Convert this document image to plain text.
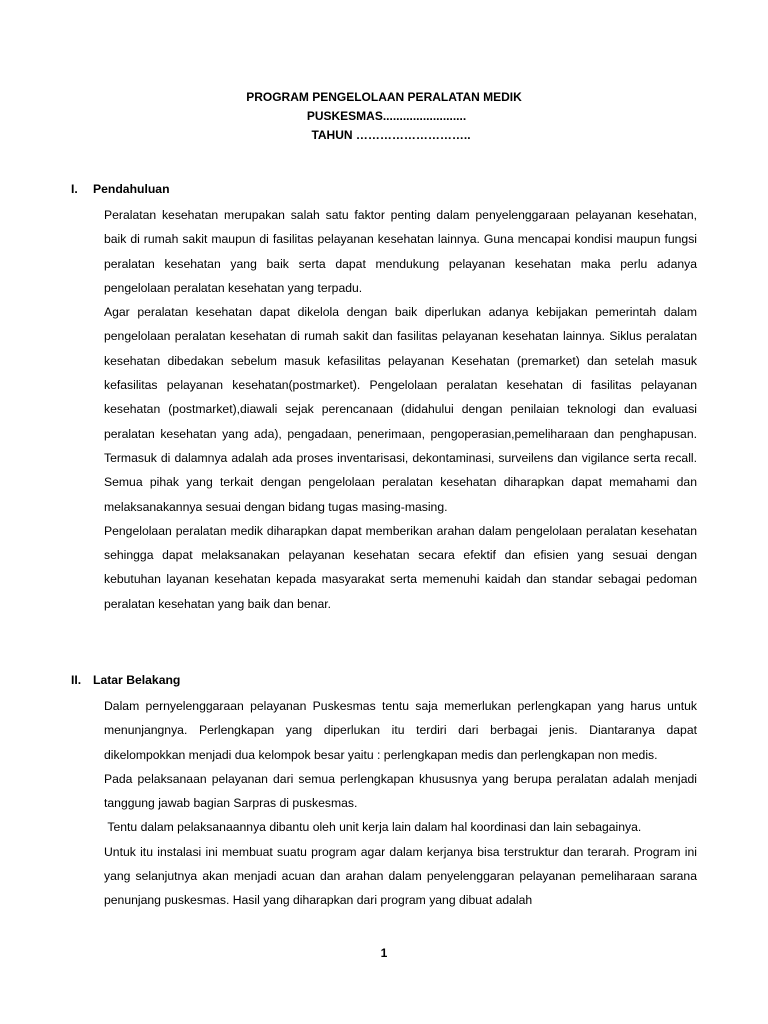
PROGRAM PENGELOLAAN PERALATAN MEDIK
PUSKESMAS.........................
TAHUN ………………………..
I. Pendahuluan

Peralatan kesehatan merupakan salah satu faktor penting dalam penyelenggaraan pelayanan kesehatan, baik di rumah sakit maupun di fasilitas pelayanan kesehatan lainnya. Guna mencapai kondisi maupun fungsi peralatan kesehatan yang baik serta dapat mendukung pelayanan kesehatan maka perlu adanya pengelolaan peralatan kesehatan yang terpadu.

Agar peralatan kesehatan dapat dikelola dengan baik diperlukan adanya kebijakan pemerintah dalam pengelolaan peralatan kesehatan di rumah sakit dan fasilitas pelayanan kesehatan lainnya. Siklus peralatan kesehatan dibedakan sebelum masuk kefasilitas pelayanan Kesehatan (premarket) dan setelah masuk kefasilitas pelayanan kesehatan(postmarket). Pengelolaan peralatan kesehatan di fasilitas pelayanan kesehatan (postmarket),diawali sejak perencanaan (didahului dengan penilaian teknologi dan evaluasi peralatan kesehatan yang ada), pengadaan, penerimaan, pengoperasian,pemeliharaan dan penghapusan. Termasuk di dalamnya adalah ada proses inventarisasi, dekontaminasi, surveilens dan vigilance serta recall. Semua pihak yang terkait dengan pengelolaan peralatan kesehatan diharapkan dapat memahami dan melaksanakannya sesuai dengan bidang tugas masing-masing.

Pengelolaan peralatan medik diharapkan dapat memberikan arahan dalam pengelolaan peralatan kesehatan sehingga dapat melaksanakan pelayanan kesehatan secara efektif dan efisien yang sesuai dengan kebutuhan layanan kesehatan kepada masyarakat serta memenuhi kaidah dan standar sebagai pedoman peralatan kesehatan yang baik dan benar.

II. Latar Belakang

Dalam pernyelenggaraan pelayanan Puskesmas tentu saja memerlukan perlengkapan yang harus untuk menunjangnya. Perlengkapan yang diperlukan itu terdiri dari berbagai jenis. Diantaranya dapat dikelompokkan menjadi dua kelompok besar yaitu : perlengkapan medis dan perlengkapan non medis.

Pada pelaksanaan pelayanan dari semua perlengkapan khususnya yang berupa peralatan adalah menjadi tanggung jawab bagian Sarpras di puskesmas.

Tentu dalam pelaksanaannya dibantu oleh unit kerja lain dalam hal koordinasi dan lain sebagainya.

Untuk itu instalasi ini membuat suatu program agar dalam kerjanya bisa terstruktur dan terarah. Program ini yang selanjutnya akan menjadi acuan dan arahan dalam penyelenggaran pelayanan pemeliharaan sarana penunjang puskesmas. Hasil yang diharapkan dari program yang dibuat adalah

1
